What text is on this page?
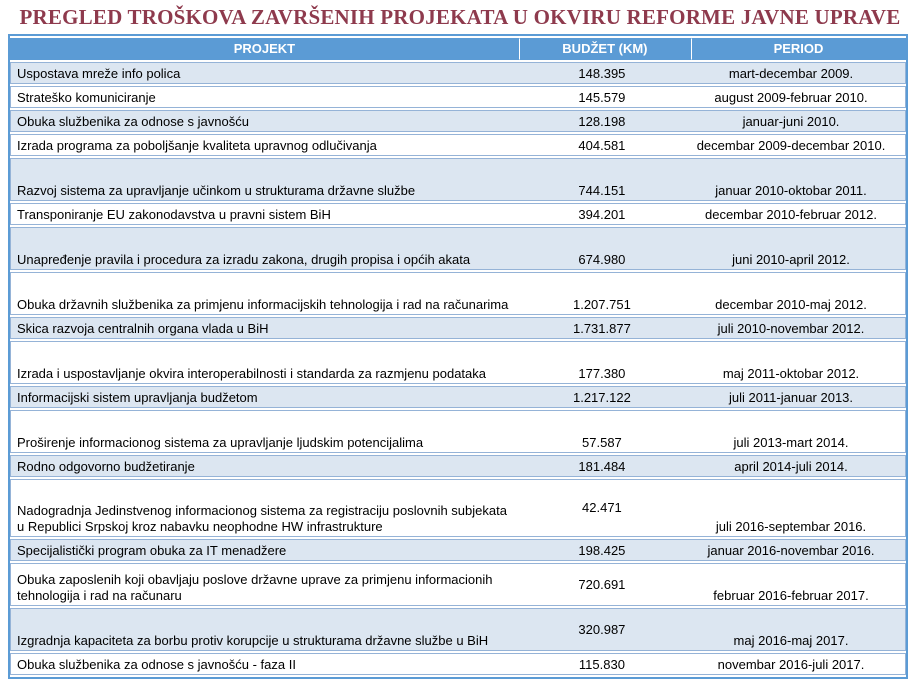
PREGLED TROŠKOVA ZAVRŠENIH PROJEKATA U OKVIRU REFORME JAVNE UPRAVE
PROJEKT	BUDŽET (KM)	PERIOD
Uspostava mreže info polica	148.395	mart-decembar 2009.
Strateško komuniciranje	145.579	august 2009-februar 2010.
Obuka službenika za odnose s javnošću	128.198	januar-juni 2010.
Izrada programa za poboljšanje kvaliteta upravnog odlučivanja	404.581	decembar 2009-decembar 2010.
Razvoj sistema za upravljanje učinkom u strukturama državne službe	744.151	januar 2010-oktobar 2011.
Transponiranje EU zakonodavstva u pravni sistem BiH	394.201	decembar 2010-februar 2012.
Unapređenje pravila i procedura za izradu zakona, drugih propisa i općih akata	674.980	juni 2010-april 2012.
Obuka državnih službenika za primjenu informacijskih tehnologija i rad na računarima	1.207.751	decembar 2010-maj 2012.
Skica razvoja centralnih organa vlada u BiH	1.731.877	juli 2010-novembar 2012.
Izrada i uspostavljanje okvira interoperabilnosti i standarda za razmjenu podataka	177.380	maj 2011-oktobar 2012.
Informacijski sistem upravljanja budžetom	1.217.122	juli 2011-januar 2013.
Proširenje informacionog sistema za upravljanje ljudskim potencijalima	57.587	juli 2013-mart 2014.
Rodno odgovorno budžetiranje	181.484	april 2014-juli 2014.
Nadogradnja Jedinstvenog informacionog sistema za registraciju poslovnih subjekata u Republici Srpskoj kroz nabavku neophodne HW infrastrukture	42.471	juli 2016-septembar 2016.
Specijalistički program obuka za IT menadžere	198.425	januar 2016-novembar 2016.
Obuka zaposlenih koji obavljaju poslove državne uprave za primjenu informacionih tehnologija i rad na računaru	720.691	februar 2016-februar 2017.
Izgradnja kapaciteta za borbu protiv korupcije u strukturama državne službe u BiH	320.987	maj 2016-maj 2017.
Obuka službenika za odnose s javnošću - faza II	115.830	novembar 2016-juli 2017.
